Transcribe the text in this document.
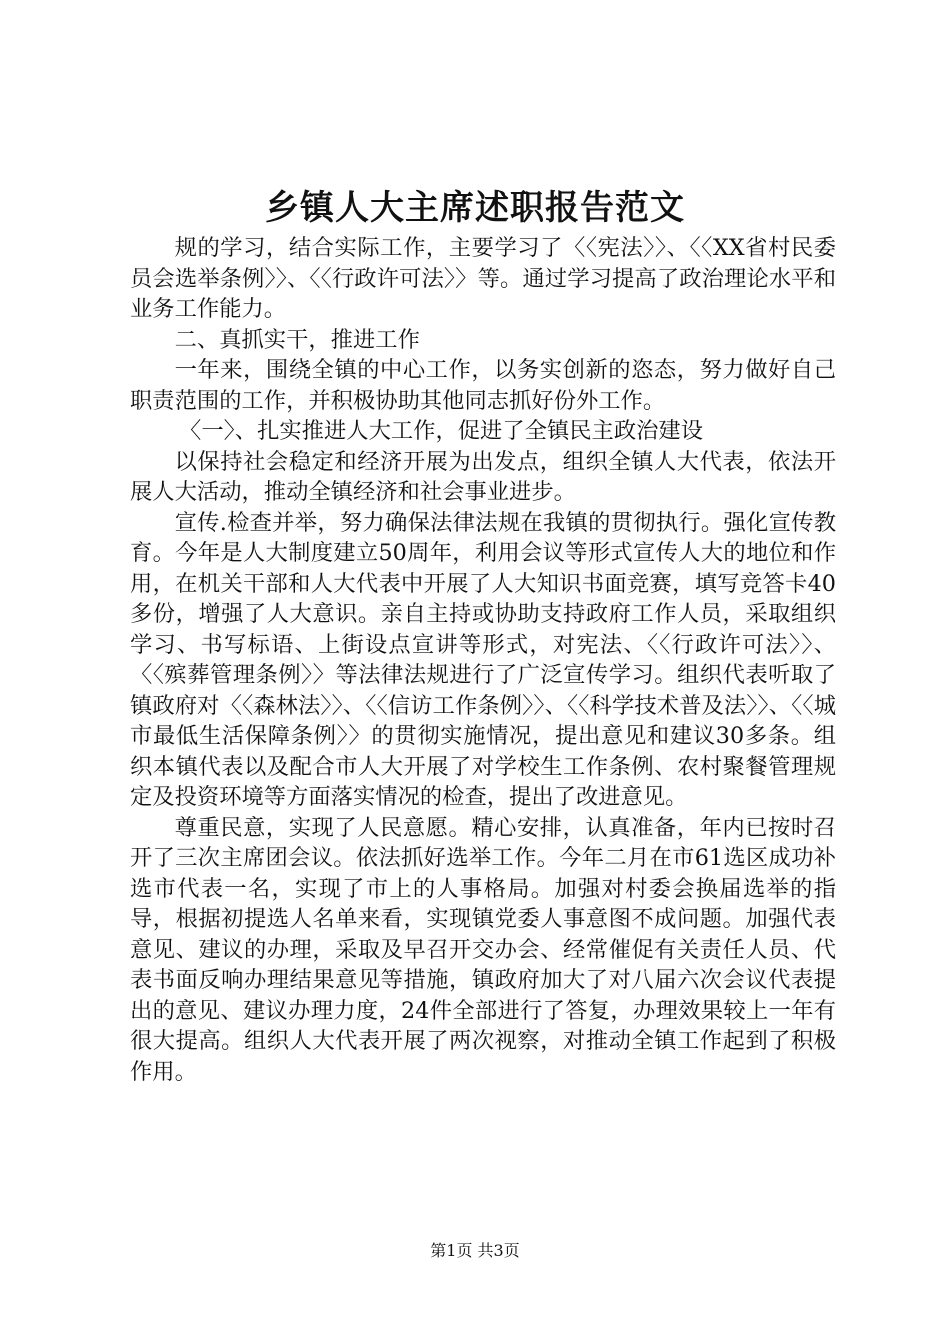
乡镇人大主席述职报告范文

规的学习，结合实际工作，主要学习了〈〈宪法〉〉、〈〈XX省村民委员会选举条例〉〉、〈〈行政许可法〉〉等。通过学习提高了政治理论水平和业务工作能力。

二、真抓实干，推进工作

一年来，围绕全镇的中心工作，以务实创新的恣态，努力做好自己职责范围的工作，并积极协助其他同志抓好份外工作。

〈一〉、扎实推进人大工作，促进了全镇民主政治建设

以保持社会稳定和经济开展为出发点，组织全镇人大代表，依法开展人大活动，推动全镇经济和社会事业进步。

宣传.检查并举，努力确保法律法规在我镇的贯彻执行。强化宣传教育。今年是人大制度建立50周年，利用会议等形式宣传人大的地位和作用，在机关干部和人大代表中开展了人大知识书面竞赛，填写竞答卡40多份，增强了人大意识。亲自主持或协助支持政府工作人员，采取组织学习、书写标语、上街设点宣讲等形式，对宪法、〈〈行政许可法〉〉、〈〈殡葬管理条例〉〉等法律法规进行了广泛宣传学习。组织代表听取了镇政府对〈〈森林法〉〉、〈〈信访工作条例〉〉、〈〈科学技术普及法〉〉、〈〈城市最低生活保障条例〉〉的贯彻实施情况，提出意见和建议30多条。组织本镇代表以及配合市人大开展了对学校生工作条例、农村聚餐管理规定及投资环境等方面落实情况的检查，提出了改进意见。

尊重民意，实现了人民意愿。精心安排，认真准备，年内已按时召开了三次主席团会议。依法抓好选举工作。今年二月在市61选区成功补选市代表一名，实现了市上的人事格局。加强对村委会换届选举的指导，根据初提选人名单来看，实现镇党委人事意图不成问题。加强代表意见、建议的办理，采取及早召开交办会、经常催促有关责任人员、代表书面反响办理结果意见等措施，镇政府加大了对八届六次会议代表提出的意见、建议办理力度，24件全部进行了答复，办理效果较上一年有很大提高。组织人大代表开展了两次视察，对推动全镇工作起到了积极作用。

第1页 共3页
